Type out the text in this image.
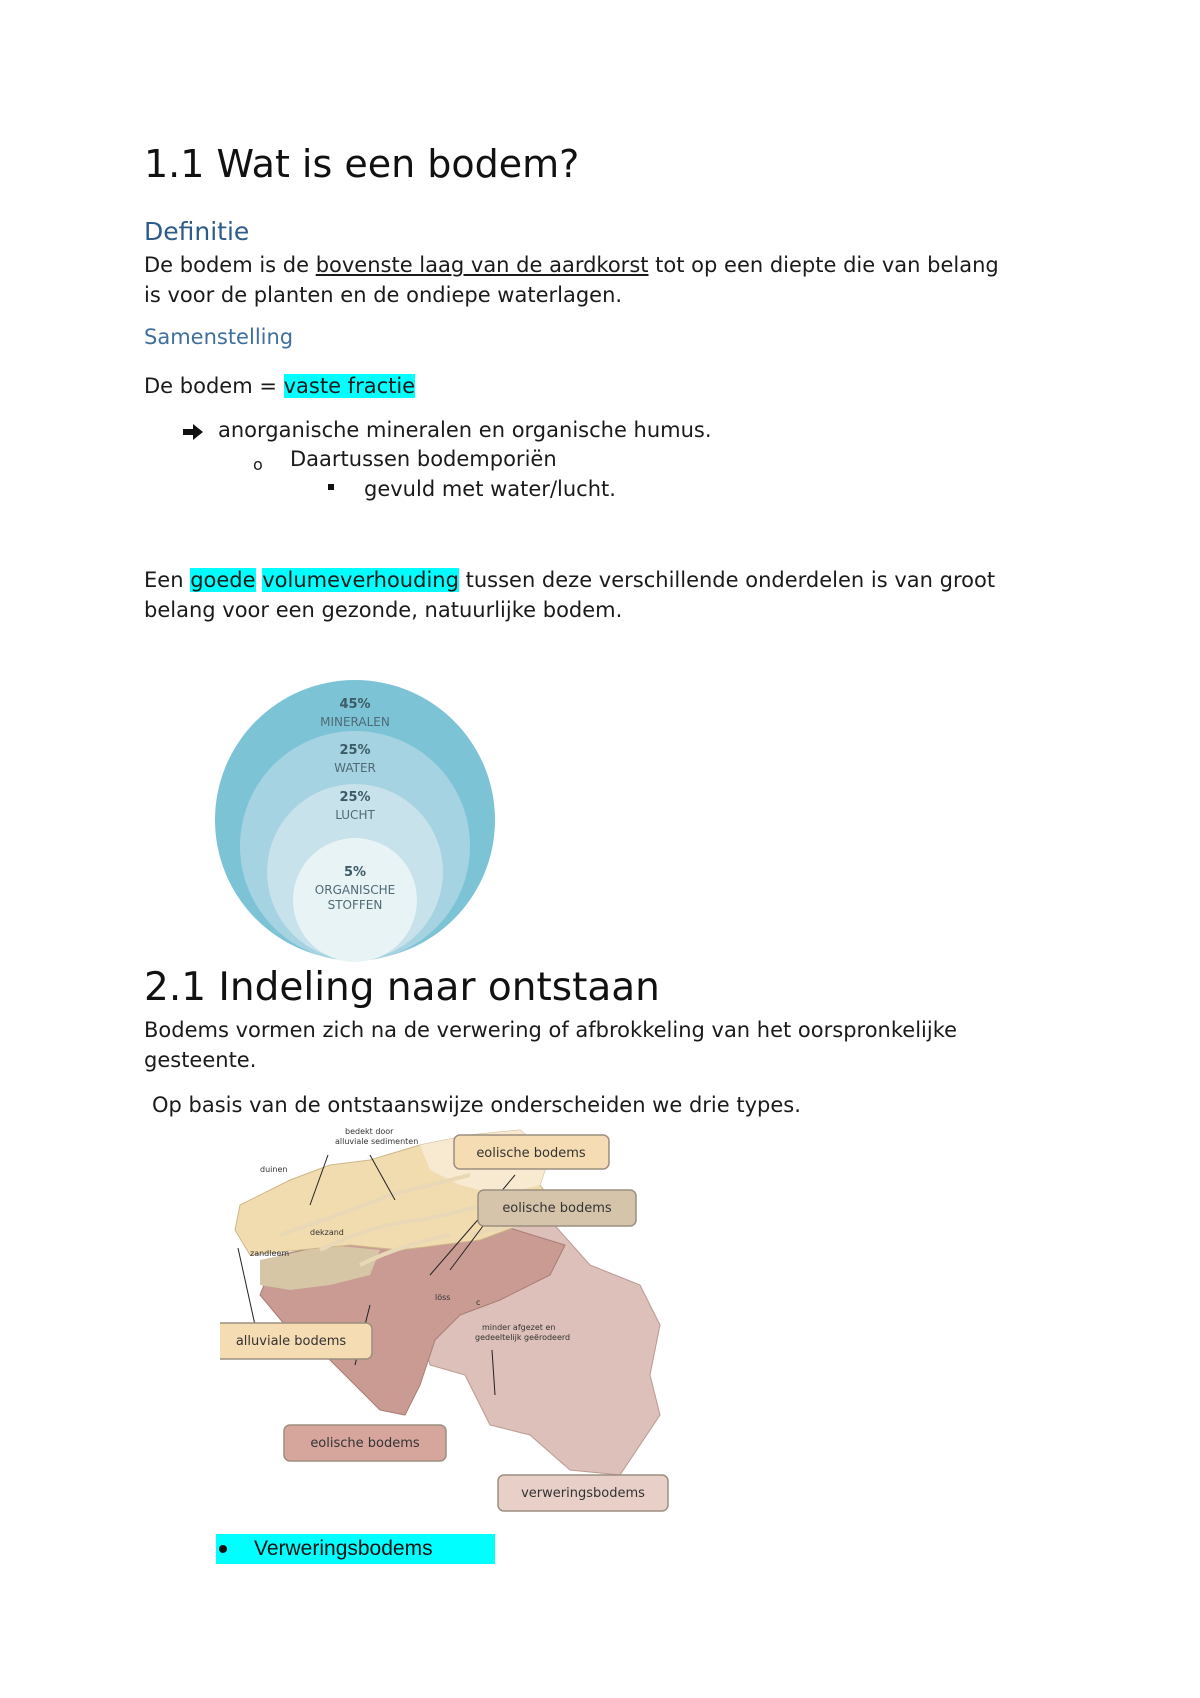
1.1 Wat is een bodem?
Definitie
De bodem is de bovenste laag van de aardkorst tot op een diepte die van belang
is voor de planten en de ondiepe waterlagen.
Samenstelling
De bodem = vaste fractie
anorganische mineralen en organische humus.
o Daartussen bodemporiën
gevuld met water/lucht.
Een goede volumeverhouding tussen deze verschillende onderdelen is van groot
belang voor een gezonde, natuurlijke bodem.
45%
MINERALEN
25%
WATER
25%
LUCHT
5%
ORGANISCHE
STOFFEN
2.1 Indeling naar ontstaan
Bodems vormen zich na de verwering of afbrokkeling van het oorspronkelijke
gesteente.
Op basis van de ontstaanswijze onderscheiden we drie types.
eolische bodems
eolische bodems
alluviale bodems
eolische bodems
verweringsbodems
duinen
dekzand
zandleem
löss
bedekt door
alluviale sedimenten
minder afgezet en
gedeeltelijk geërodeerd
c
Verweringsbodems
